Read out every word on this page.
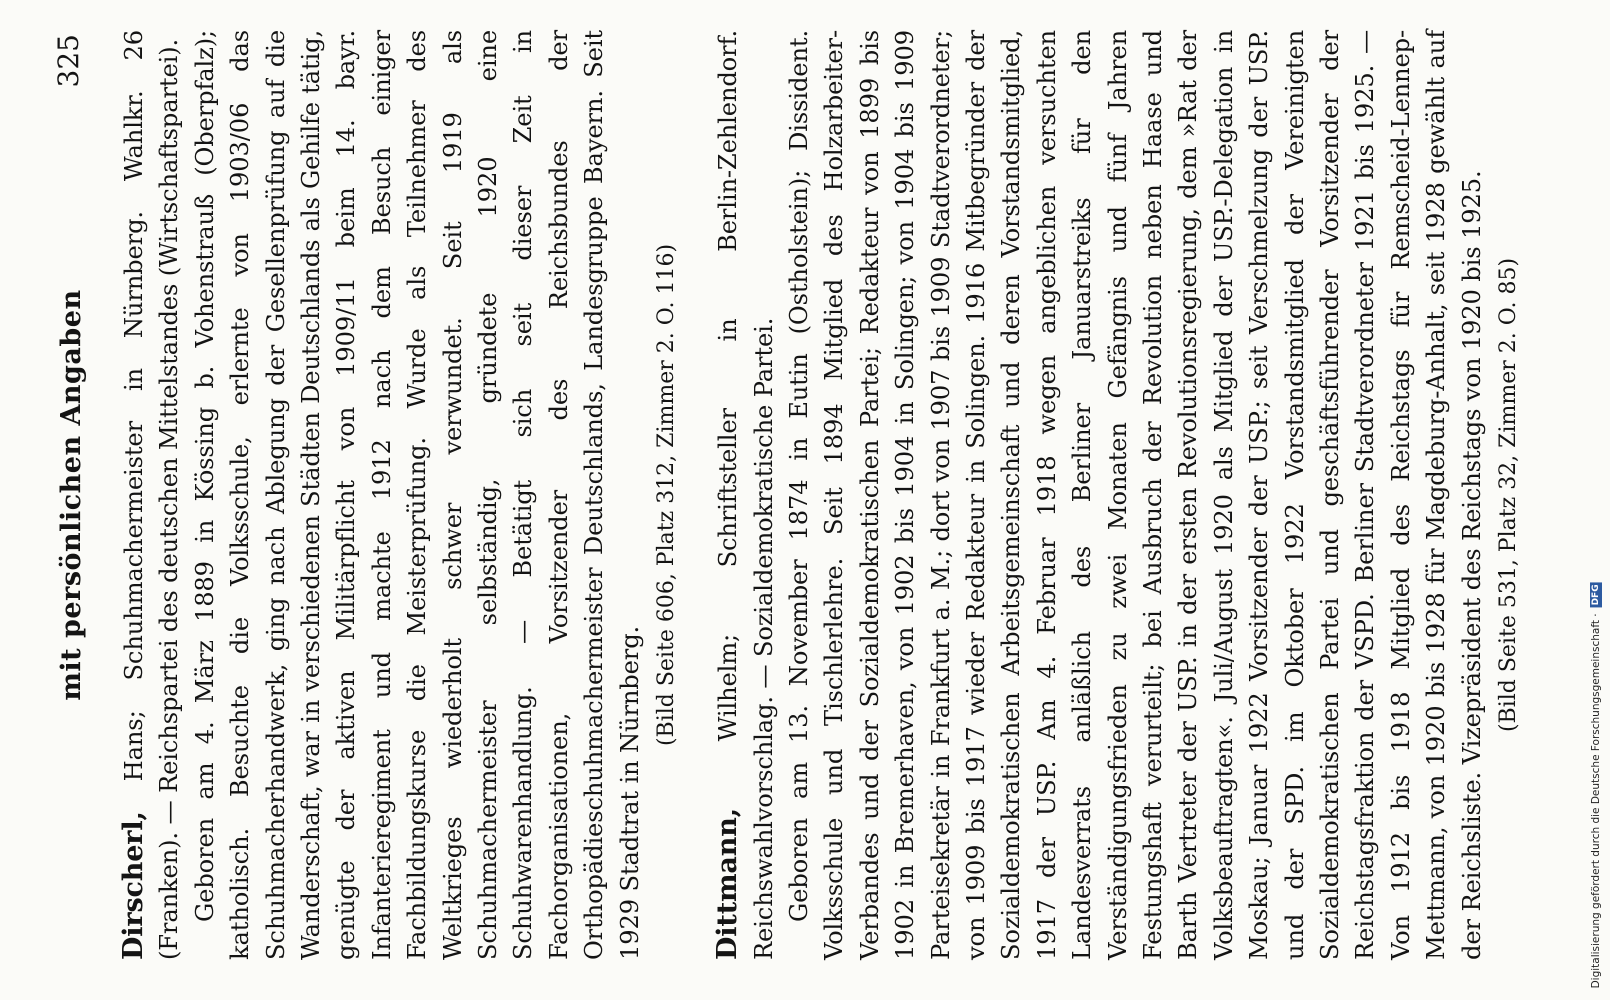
mit persönlichen Angaben
325

Dirscherl, Hans; Schuhmachermeister in Nürnberg. Wahlkr. 26 (Franken). — Reichspartei des deutschen Mittelstandes (Wirtschaftspartei). Geboren am 4. März 1889 in Kössing b. Vohenstrauß (Oberpfalz); katholisch. Besuchte die Volksschule, erlernte von 1903/06 das Schuhmacherhandwerk, ging nach Ablegung der Gesellenprüfung auf die Wanderschaft, war in verschiedenen Städten Deutschlands als Gehilfe tätig, genügte der aktiven Militärpflicht von 1909/11 beim 14. bayr. Infanterieregiment und machte 1912 nach dem Besuch einiger Fachbildungskurse die Meisterprüfung. Wurde als Teilnehmer des Weltkrieges wiederholt schwer verwundet. Seit 1919 als Schuhmachermeister selbständig, gründete 1920 eine Schuhwarenhandlung. — Betätigt sich seit dieser Zeit in Fachorganisationen, Vorsitzender des Reichsbundes der Orthopädieschuhmachermeister Deutschlands, Landesgruppe Bayern. Seit 1929 Stadtrat in Nürnberg.

(Bild Seite 606, Platz 312, Zimmer 2. O. 116)

Dittmann, Wilhelm; Schriftsteller in Berlin-Zehlendorf. Reichswahlvorschlag. — Sozialdemokratische Partei. Geboren am 13. November 1874 in Eutin (Ostholstein); Dissident. Volksschule und Tischlerlehre. Seit 1894 Mitglied des Holzarbeiter-Verbandes und der Sozialdemokratischen Partei; Redakteur von 1899 bis 1902 in Bremerhaven, von 1902 bis 1904 in Solingen; von 1904 bis 1909 Parteisekretär in Frankfurt a. M.; dort von 1907 bis 1909 Stadtverordneter; von 1909 bis 1917 wieder Redakteur in Solingen. 1916 Mitbegründer der Sozialdemokratischen Arbeitsgemeinschaft und deren Vorstandsmitglied, 1917 der USP. Am 4. Februar 1918 wegen angeblichen versuchten Landesverrats anläßlich des Berliner Januarstreiks für den Verständigungsfrieden zu zwei Monaten Gefängnis und fünf Jahren Festungshaft verurteilt; bei Ausbruch der Revolution neben Haase und Barth Vertreter der USP. in der ersten Revolutionsregierung, dem »Rat der Volksbeauftragten«. Juli/August 1920 als Mitglied der USP.-Delegation in Moskau; Januar 1922 Vorsitzender der USP.; seit Verschmelzung der USP. und der SPD. im Oktober 1922 Vorstandsmitglied der Vereinigten Sozialdemokratischen Partei und geschäftsführender Vorsitzender der Reichstagsfraktion der VSPD. Berliner Stadtverordneter 1921 bis 1925. — Von 1912 bis 1918 Mitglied des Reichstags für Remscheid-Lennep-Mettmann, von 1920 bis 1928 für Magdeburg-Anhalt, seit 1928 gewählt auf der Reichsliste. Vizepräsident des Reichstags von 1920 bis 1925. (Bild Seite 531, Platz 32, Zimmer 2. O. 85)
Digitalisierung gefördert durch die Deutsche Forschungsgemeinschaft · DFG
